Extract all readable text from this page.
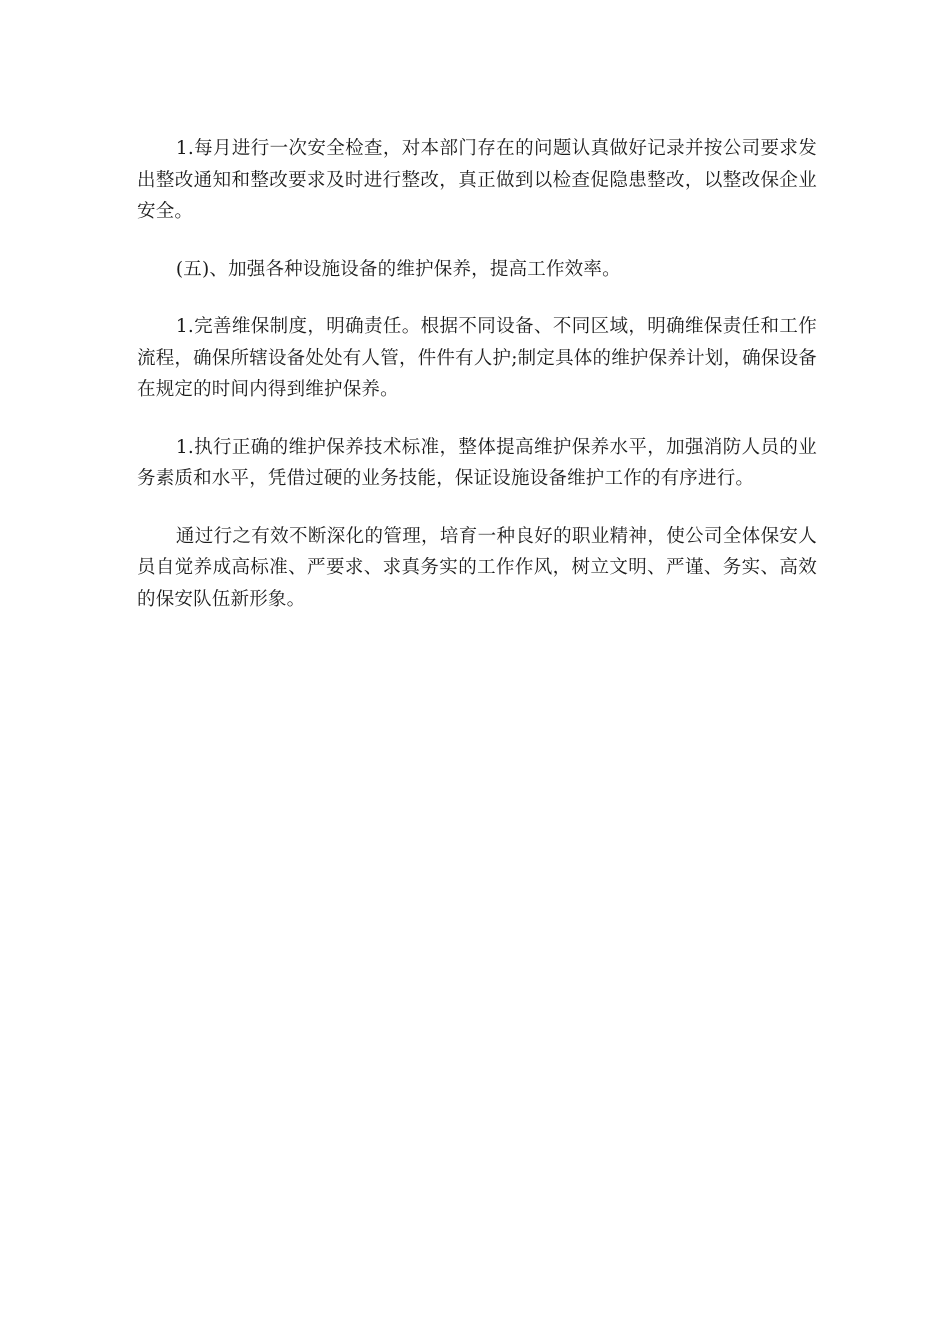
1.每月进行一次安全检查，对本部门存在的问题认真做好记录并按公司要求发出整改通知和整改要求及时进行整改，真正做到以检查促隐患整改，以整改保企业安全。

(五)、加强各种设施设备的维护保养，提高工作效率。

1.完善维保制度，明确责任。根据不同设备、不同区域，明确维保责任和工作流程，确保所辖设备处处有人管，件件有人护;制定具体的维护保养计划，确保设备在规定的时间内得到维护保养。

1.执行正确的维护保养技术标准，整体提高维护保养水平，加强消防人员的业务素质和水平，凭借过硬的业务技能，保证设施设备维护工作的有序进行。

通过行之有效不断深化的管理，培育一种良好的职业精神，使公司全体保安人员自觉养成高标准、严要求、求真务实的工作作风，树立文明、严谨、务实、高效的保安队伍新形象。
